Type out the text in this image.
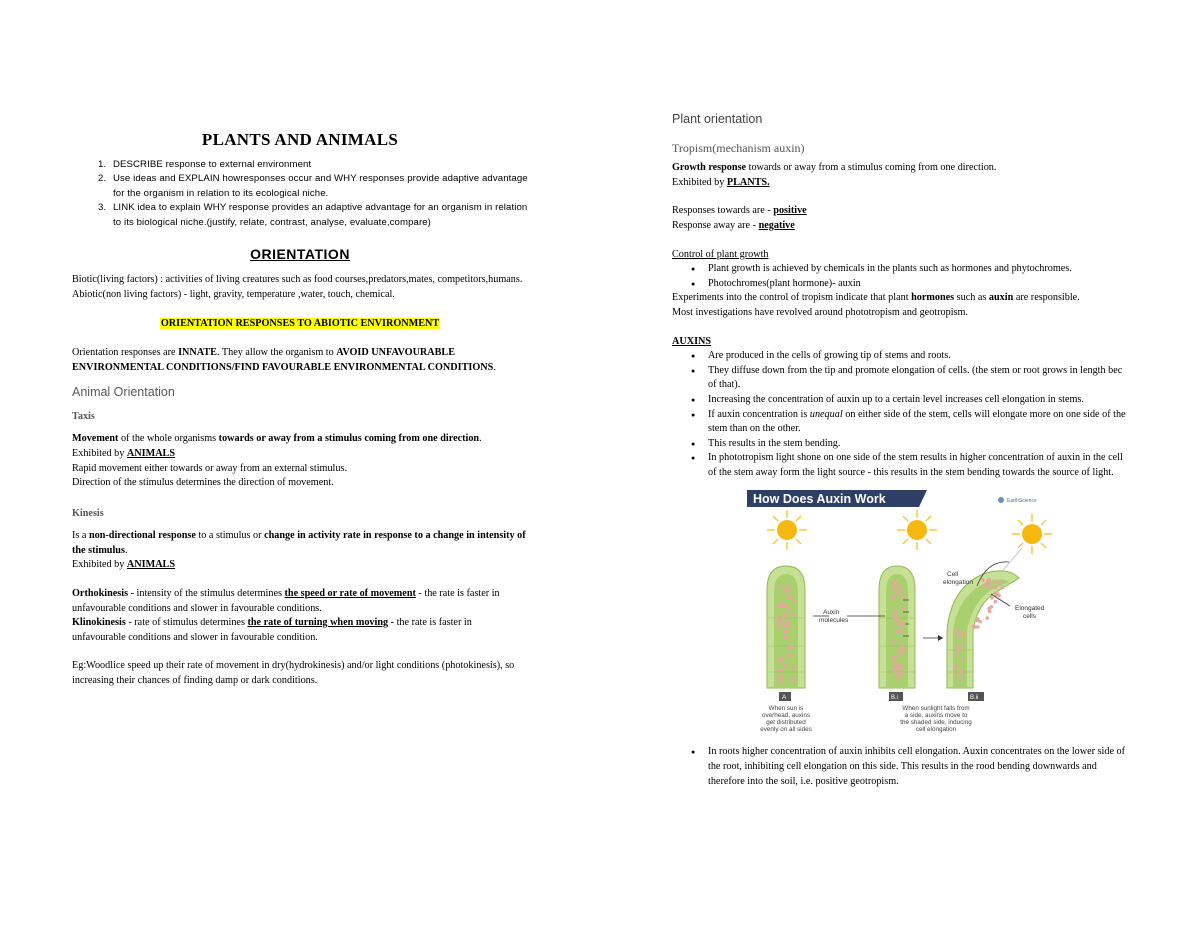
PLANTS AND ANIMALS
1. DESCRIBE response to external environment
2. Use ideas and EXPLAIN howresponses occur and WHY responses provide adaptive advantage for the organism in relation to its ecological niche.
3. LINK idea to explain WHY response provides an adaptive advantage for an organism in relation to its biological niche.(justify, relate, contrast, analyse, evaluate,compare)
ORIENTATION

Biotic(living factors) : activities of living creatures such as food courses,predators,mates, competitors,humans.

Abiotic(non living factors) - light, gravity, temperature ,water, touch, chemical.

ORIENTATION RESPONSES TO ABIOTIC ENVIRONMENT

Orientation responses are INNATE. They allow the organism to AVOID UNFAVOURABLE ENVIRONMENTAL CONDITIONS/FIND FAVOURABLE ENVIRONMENTAL CONDITIONS.

Animal Orientation

Taxis

Movement of the whole organisms towards or away from a stimulus coming from one direction.

Exhibited by ANIMALS

Rapid movement either towards or away from an external stimulus.

Direction of the stimulus determines the direction of movement.

Kinesis

Is a non-directional response to a stimulus or change in activity rate in response to a change in intensity of the stimulus.

Exhibited by ANIMALS

Orthokinesis - intensity of the stimulus determines the speed or rate of movement - the rate is faster in unfavourable conditions and slower in favourable conditions.

Klinokinesis - rate of stimulus determines the rate of turning when moving - the rate is faster in unfavourable conditions and slower in favourable condition.

Eg:Woodlice speed up their rate of movement in dry(hydrokinesis) and/or light conditions (photokinesis), so increasing their chances of finding damp or dark conditions.

Plant orientation

Tropism(mechanism auxin)

Growth response towards or away from a stimulus coming from one direction.

Exhibited by PLANTS.

Responses towards are - positive

Response away are - negative

Control of plant growth

● Plant growth is achieved by chemicals in the plants such as hormones and phytochromes.
● Photochromes(plant hormone)- auxin

Experiments into the control of tropism indicate that plant hormones such as auxin are responsible.

Most investigations have revolved around phototropism and geotropism.

AUXINS

● Are produced in the cells of growing tip of stems and roots.
● They diffuse down from the tip and promote elongation of cells. (the stem or root grows in length bec of that).
● Increasing the concentration of auxin up to a certain level increases cell elongation in stems.
● If auxin concentration is unequal on either side of the stem, cells will elongate more on one side of the stem than on the other.
● This results in the stem bending.
● In phototropism light shone on one side of the stem results in higher concentration of auxin in the cell of the stem away form the light source - this results in the stem bending towards the source of light.
How Does Auxin Work	EarthScience
Auxin molecules
Cell elongation
Elongated cells
A	B.i	B.ii
When sun is overhead, auxins get distributed evenly on all sides
When sunlight falls from a side, auxins move to the shaded side, inducing cell elongation
● In roots higher concentration of auxin inhibits cell elongation. Auxin concentrates on the lower side of the root, inhibiting cell elongation on this side. This results in the rood bending downwards and therefore into the soil, i.e. positive geotropism.
